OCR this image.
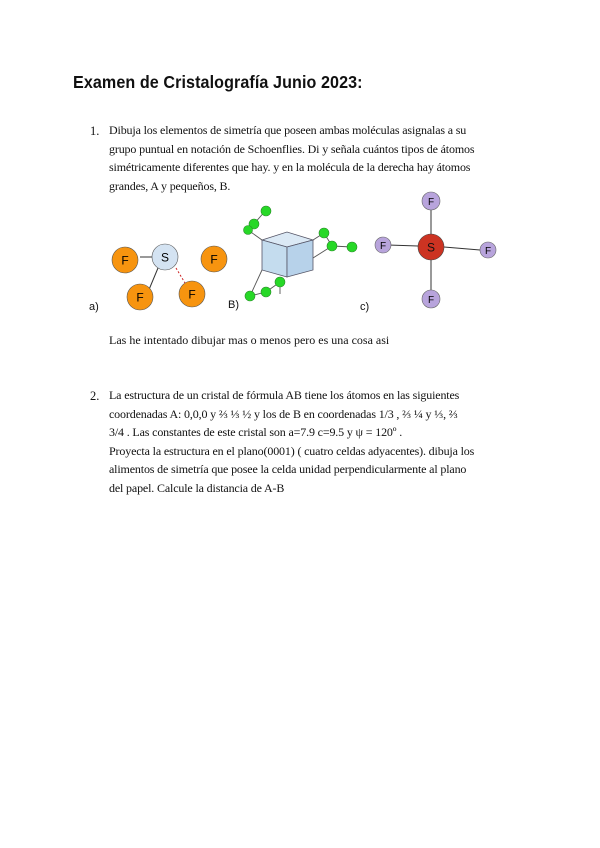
Examen de Cristalografía Junio 2023:
1. Dibuja los elementos de simetría que poseen ambas moléculas asignalas a su
grupo puntual en notación de Schoenflies. Di y señala cuántos tipos de átomos
simétricamente diferentes que hay. y en la molécula de la derecha hay átomos
grandes, A y pequeños, B.
F	S
F	F
F
F
F	F
F
S
a)	B)	c)
Las he intentado dibujar mas o menos pero es una cosa asi
2. La estructura de un cristal de fórmula AB tiene los átomos en las siguientes
coordenadas A: 0,0,0 y ⅔ ⅓ ½ y los de B en coordenadas 1/3 , ⅔ ¼ y ⅓, ⅔
3/4 . Las constantes de este cristal son a=7.9 c=9.5 y ψ = 120º .
Proyecta la estructura en el plano(0001) ( cuatro celdas adyacentes). dibuja los
alimentos de simetría que posee la celda unidad perpendicularmente al plano
del papel. Calcule la distancia de A-B
